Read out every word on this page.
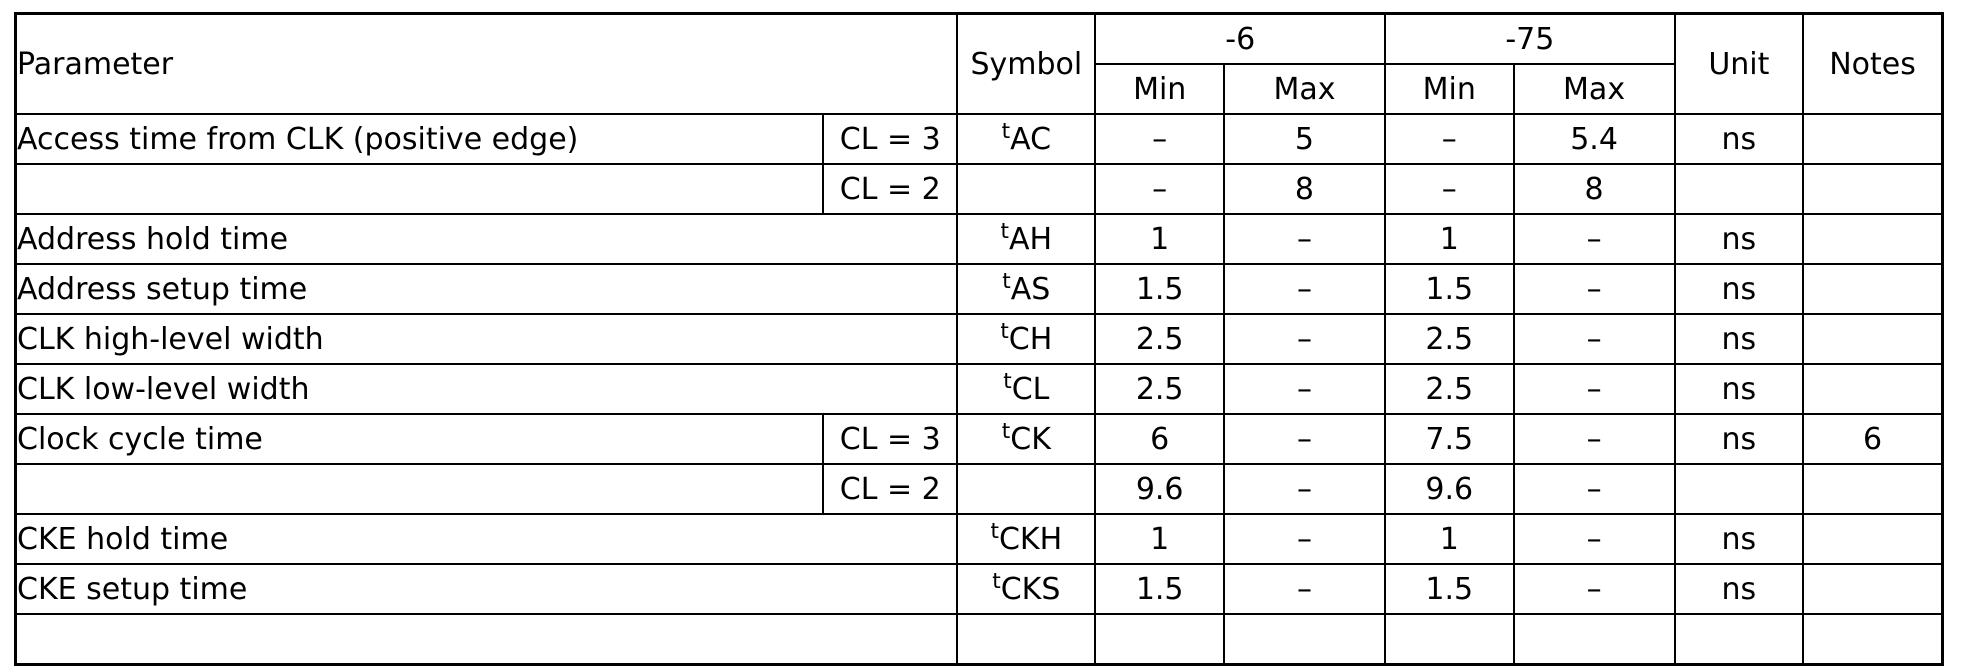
Parameter		Symbol	-6		-75		Unit	Notes
			Min	Max	Min	Max		
Access time from CLK (positive edge)	CL = 3	$^t$AC	–	5	–	5.4	ns	
	CL = 2		–	8	–	8		
Address hold time		$^t$AH	1	–	1	–	ns	
Address setup time		$^t$AS	1.5	–	1.5	–	ns	
CLK high-level width		$^t$CH	2.5	–	2.5	–	ns	
CLK low-level width		$^t$CL	2.5	–	2.5	–	ns	
Clock cycle time	CL = 3	$^t$CK	6	–	7.5	–	ns	6
	CL = 2		9.6	–	9.6	–		
CKE hold time		$^t$CKH	1	–	1	–	ns	
CKE setup time		$^t$CKS	1.5	–	1.5	–	ns	
